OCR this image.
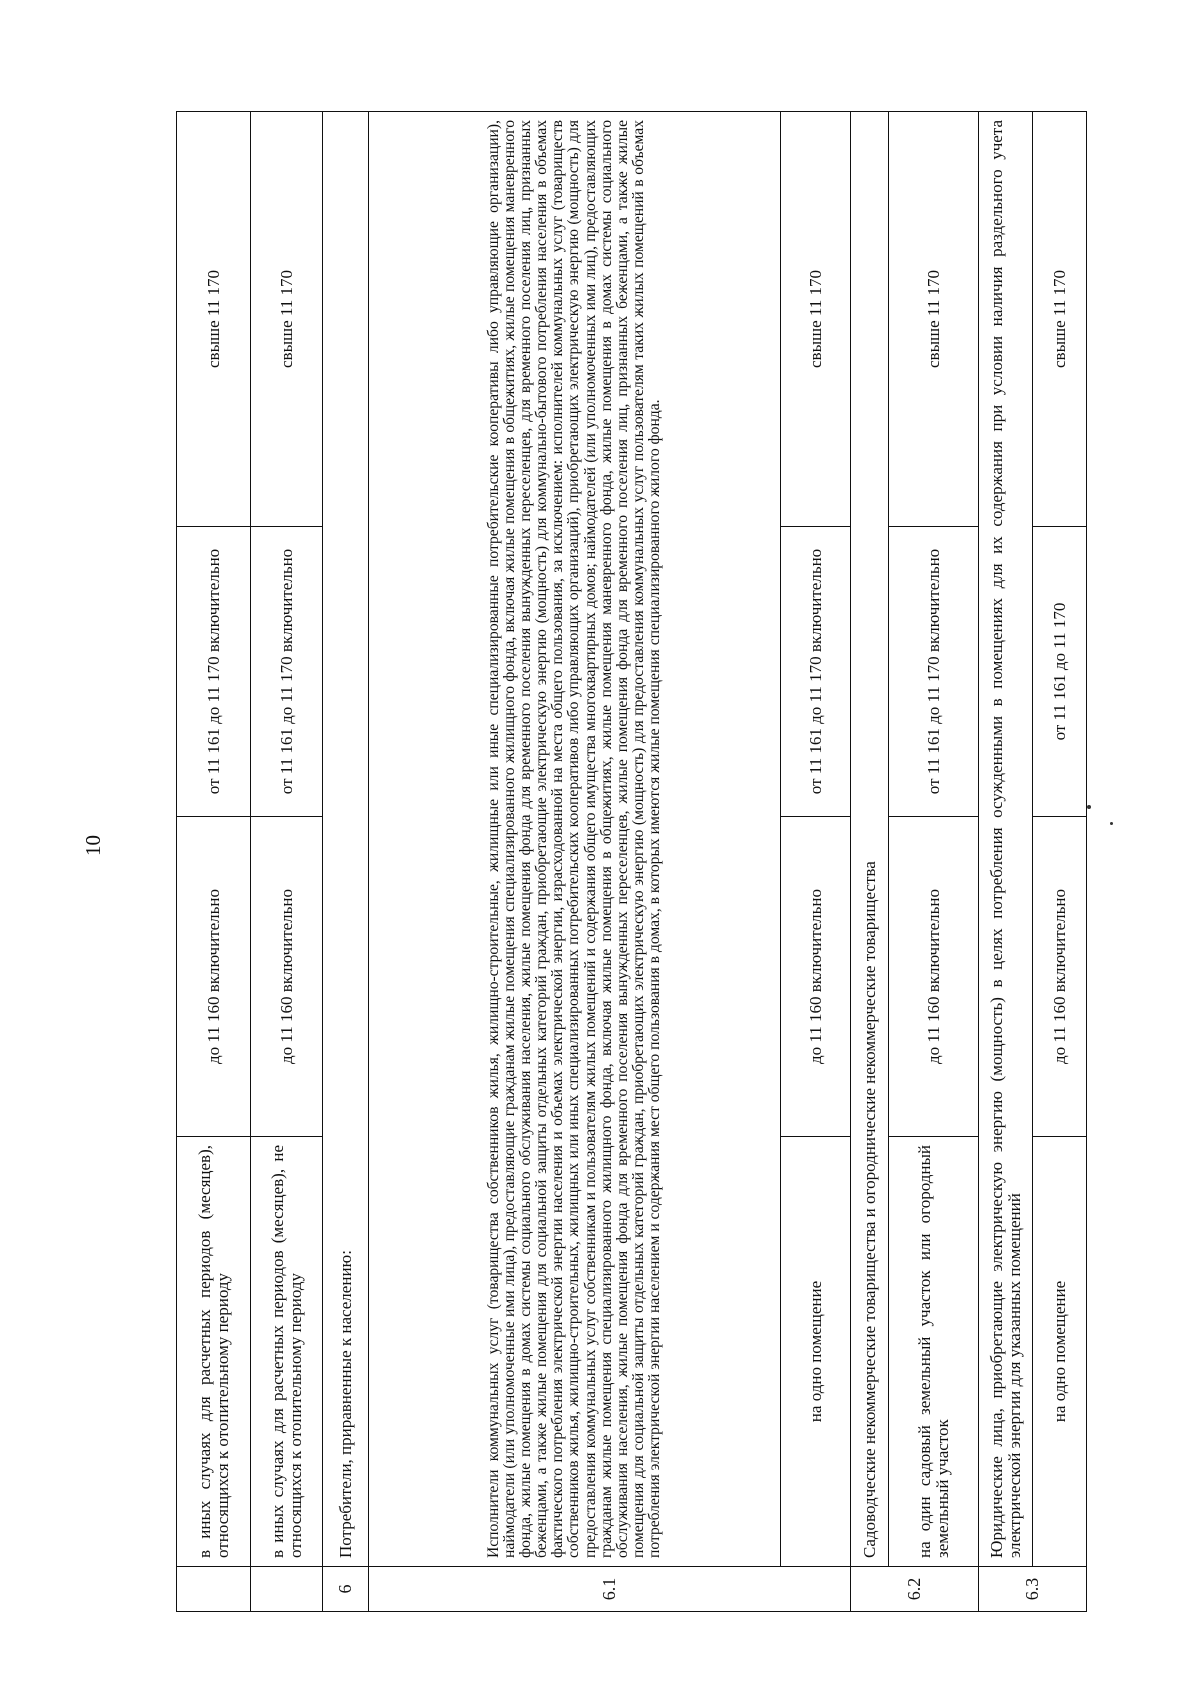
10
	в иных случаях для расчетных периодов (месяцев), относящихся к отопительному периоду	до 11 160 включительно	от 11 161 до 11 170 включительно	свыше 11 170
	в иных случаях для расчетных периодов (месяцев), не относящихся к отопительному периоду	до 11 160 включительно	от 11 161 до 11 170 включительно	свыше 11 170
6	Потребители, приравненные к населению:			
6.1	Исполнители коммунальных услуг (товарищества собственников жилья, жилищно-строительные, жилищные или иные специализированные потребительские кооперативы либо управляющие организации), наймодатели (или уполномоченные ими лица), предоставляющие гражданам жилые помещения специализированного жилищного фонда, включая жилые помещения в общежитиях, жилые помещения маневренного фонда, жилые помещения в домах системы социального обслуживания населения, жилые помещения фонда для временного поселения вынужденных переселенцев, для временного поселения лиц, признанных беженцами, а также жилые помещения для социальной защиты отдельных категорий граждан, приобретающие электрическую энергию (мощность) для коммунально-бытового потребления населения в объемах фактического потребления электрической энергии населения и объемах электрической энергии, израсходованной на места общего пользования, за исключением: исполнителей коммунальных услуг (товариществ собственников жилья, жилищно-строительных, жилищных или иных специализированных потребительских кооперативов либо управляющих организаций), приобретающих электрическую энергию (мощность) для предоставления коммунальных услуг собственникам и пользователям жилых помещений и содержания общего имущества многоквартирных домов; наймодателей (или уполномоченных ими лиц), предоставляющих гражданам жилые помещения специализированного жилищного фонда, включая жилые помещения в общежитиях, жилые помещения маневренного фонда, жилые помещения в домах системы социального обслуживания населения, жилые помещения фонда для временного поселения вынужденных переселенцев, жилые помещения фонда для временного поселения лиц, признанных беженцами, а также жилые помещения для социальной защиты отдельных категорий граждан, приобретающих электрическую энергию (мощность) для предоставления коммунальных услуг пользователям таких жилых помещений в объемах потребления электрической энергии населением и содержания мест общего пользования в домах, в которых имеются жилые помещения специализированного жилого фонда.			
	на одно помещение	до 11 160 включительно	от 11 161 до 11 170 включительно	свыше 11 170
6.2	Садоводческие некоммерческие товарищества и огороднические некоммерческие товарищества			
	на один садовый земельный участок или огородный земельный участок	до 11 160 включительно	от 11 161 до 11 170 включительно	свыше 11 170
6.3	Юридические лица, приобретающие электрическую энергию (мощность) в целях потребления осужденными в помещениях для их содержания при условии наличия раздельного учета электрической энергии для указанных помещений			
	на одно помещение	до 11 160 включительно	от 11 161 до 11 170	свыше 11 170
